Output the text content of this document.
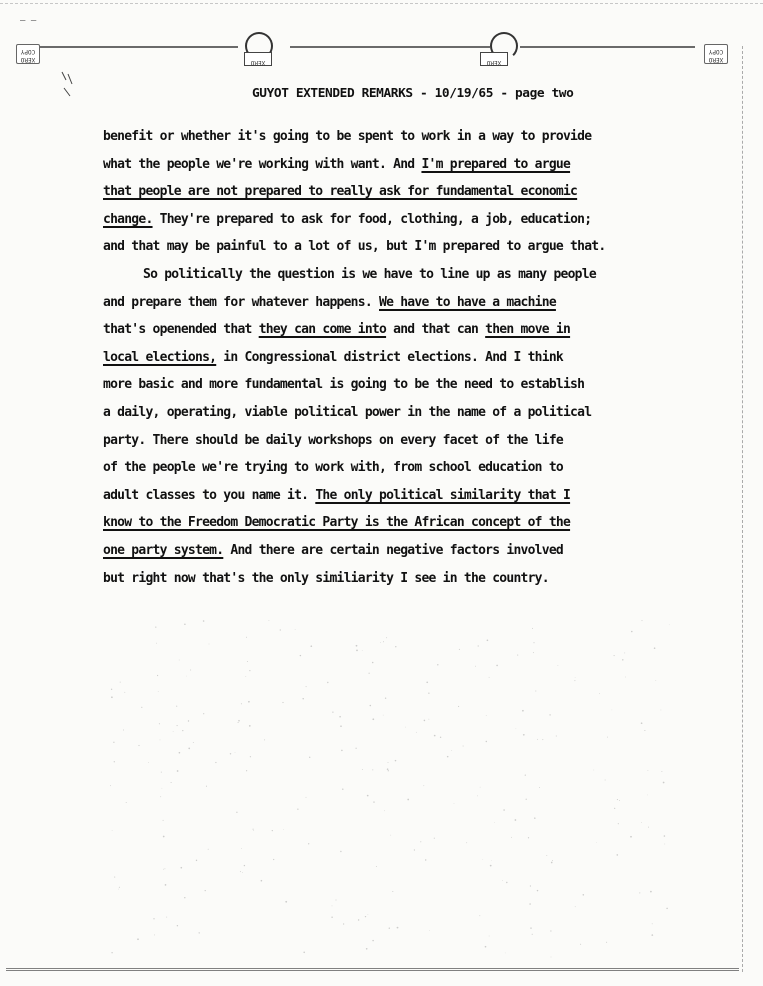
‒ ‒
XERO
COPY
XERO
COPY
XERO	XERO
GUYOT EXTENDED REMARKS - 10/19/65 - page two
benefit or whether it's going to be spent to work in a way to provide
what the people we're working with want. And I'm prepared to argue
that people are not prepared to really ask for fundamental economic
change. They're prepared to ask for food, clothing, a job, education;
and that may be painful to a lot of us, but I'm prepared to argue that.
So politically the question is we have to line up as many people
and prepare them for whatever happens. We have to have a machine
that's openended that they can come into and that can then move in
local elections, in Congressional district elections. And I think
more basic and more fundamental is going to be the need to establish
a daily, operating, viable political power in the name of a political
party. There should be daily workshops on every facet of the life
of the people we're trying to work with, from school education to
adult classes to you name it. The only political similarity that I
know to the Freedom Democratic Party is the African concept of the
one party system. And there are certain negative factors involved
but right now that's the only similiarity I see in the country.
